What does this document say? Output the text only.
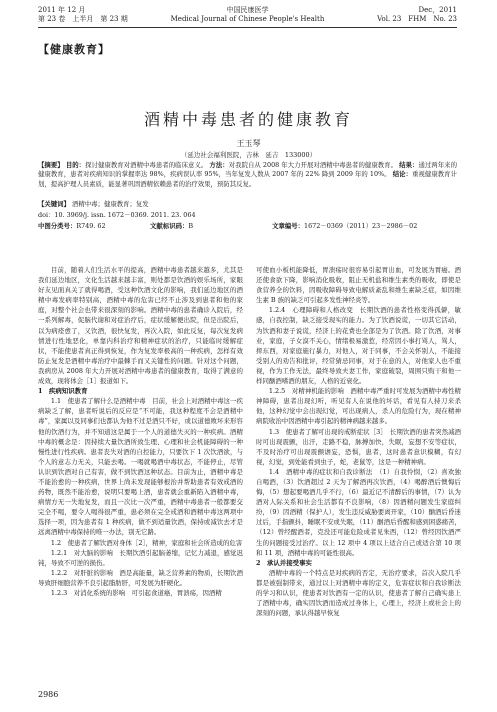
2011 年 12 月
第 23 卷　上半月　第 23 期
中国民康医学
Medical Journal of Chinese People's Health
Dec，2011
Vol. 23　FHM　No. 23
【健康教育】
酒精中毒患者的健康教育
王玉琴
（延边社会福利医院，吉林　延吉　133000）
【摘要】 目的：探讨健康教育对酒精中毒患者的临床意义。 方法：对我院自从 2008 年大力开展对酒精中毒患者的健康教育。 结果：通过两年来的健康教育，患者对疾病知识的掌握率达 98%，疾病误认率 95%，当年复发人数从 2007 年的 22% 降到 2009 年的 10%。 结论：重视健康教育计划，提高护理人员素质，能显著巩固酒精依赖患者的治疗效果，预防其反复。
【关键词】 酒精中毒；健康教育；复发
doi：10. 3969/j. issn. 1672－0369. 2011. 23. 064
中图分类号：R749. 62	文献标识码：B	文章编号：1672－0369（2011）23－2986－02

目前，随着人们生活水平的提高，酒精中毒患者越来越多，尤其是我们延边地区，文化生活越来越丰富，则处都是饮酒的娱乐场所，家眼好友见面真关了就得喝酒，受这种饮酒文化的影响，我们延边地区的酒精中毒发病率特别高，酒精中毒的危害已经不止涉及到患者和他的家庭，对整个社会也带来很深刻的影响。酒精中毒的患者确诊入院后，经一系列解毒，促脑代谢和对症治疗后，症状缓解便出院，但是出院后，以为病痊愈了，又饮酒，很快复发，再次入院，如此反复，每次复发病情进行性地恶化，单靠内科治疗和精神症状的治疗，只能临时缓解症状，不能使患者真正得到恢复，作为复发率极高的一种疾病，怎样有效防止复发是酒精中毒治疗中最棘手而又关键性的问题。针对这个问题，我病房从 2008 年大力开展对酒精中毒患者的健康教育，取得了满意的成效，现将体会［1］报道如下。

1　疾病知识教育

1.1　使患者了解什么是酒精中毒　目前，社会上对酒精中毒这一疾病缺乏了解，患者听说后的反应是“不可能，我这种程度不会是酒精中毒”，家属以及同事们也都认为他不过是酒只不好，或以道德败坏来形容他的饮酒行为，并不知道这是属于一个人的道德失灭的一种疾病。酒精中毒的概念是：因持续大量饮酒所致生理、心理和社会机能障碍的一种慢性进行性疾病。患者丧失对酒的自控能力，只要饮下 1 次饮酒欲，与个人的意志力无关，只能去喝。一喝就喝酒中毒状态，不能停止，尽管认识到饮酒对自己有害，做不到饮酒这种状态。目前为止，酒精中毒是不能治愈的一种疾病，世界上尚未发现能够根治并帮助患者有效戒酒的药物，既然不能治愈，说明只要喝上酒，患者就会重新陷入酒精中毒，病情方无一失地复发，而且一次比一次严重，酒精中毒患者一般都要交完全不喝，要令人喝得很严重，患必须在完全戒酒和酒精中毒这两项中选择一项，因为患者有 1 种疾病，做不到适量饮酒，保持或减饮去才是远离酒精中毒保持的唯一办法，别无它路。

1.2　使患者了解饮酒对身体［2］，精神，家庭和社会所造成的危害

1.2.1　对大脑的影响　长期饮酒引起脑萎缩，记忆力减退，感觉迟钝，导致不可逆的损伤。

1.2.2　对肝脏的影响　酒是高能量，缺乏营养素的物质，长期饮酒导致肝细胞营养不良引起脂肪肝，可发展为肝硬化。

1.2.3　对消化系统的影响　可引起食道癌，胃溃疡，因酒精

可使血小板机能降低，胃溃疡时很容易引起胃出血，可发展为胃癌。酒还使食欲下降，影响消化吸收，阻止无机盐和维生素类的吸收，即使是食营养全的饮料，因吸收障碍导致电解质紊乱和维生素缺乏症，如因维生素 B 族的缺乏可引起多发性神经炎等。

1.2.4　心理障碍和人格改变　长期饮酒的患者性格变得孤僻，敏感，自我控制，缺乏接受现实的能力。为了饮酒说谎，一切其它活动，为饮酒和妻子说谎，经济上的花费也全部是为了饮酒。除了饮酒，对事业，家庭，子女漠不关心，情绪极易激惹，经常因小事打骂人，骂人，摔东西，对家庭施行暴力，对他人，对于同事，不会关怀别人，不能接受别人的劝告和批评，经常猜忌同事，对于在意的人，对他家人也不重视，作为工作无法，最终导致夫妻工作，家庭破裂，周围只购干和他一样同酗酒嗜酒的朋友，人格的近衰化。

1.2.5　对精神机能的影响　酒精中毒严重时可发展为酒精中毒性精神障碍，患者出现幻听，听见有人在说他的坏话，看见有人持刀来杀他，这种幻觉中会出现幻觉，可出现病人，杀人的危险行为，现在精神病院收治中因酒精中毒引起的精神病越来越多。

1.3　使患者了解可出现的戒断症状［3］　长期饮酒的患者突然减酒时可出现震颤，出汗，走路不稳，脉搏加快，失眠，妄想不安等症状，不及时治疗可出现震颤谵妄，恐惧，患者，这时患者意识模糊，有幻视，幻觉，到处能看到虫子，蛇，老鼠等，这是一种精神病。

1.4　酒精中毒的症状和自我诊断法　（1）自我怜悯，（2）喜欢独自喝酒，（3）饮酒超过 2 天为了解酒再次饮酒，（4）喝醉酒后懊悔后悔，（5）想起要喝酒几乎不行，（6）最近记不清醉后的事情，（7）认为酒对人际关系和社会生活都有不良影响，（8）因酒精问题发生家庭纠纷，（9）因酒精（保护人），发生违反威胁要离开家，（10）酗酒后昏迷过后，手指颤抖，睡眠不安或失眠，（11）酗酒后昏醒和感到困惑痛苦，（12）曾经醒酒者，克没还可能危险成者见朱西，（12）曾经因饮酒严生的问题接受过治疗。以上 12 项中 4 项以上适合自己或适合第 10 项和 11 项，酒精中毒的可能性很高。

2　承认并接受事实

酒精中毒的一个特点是对疾病的否定，无治疗要求，首次入院几乎都是被强制带来，通过以上对酒精中毒的定义，危害症状和自我诊断法的学习和认识，使患者对饮酒有一定的认识，使患者了解自己确实患上了酒精中毒，确实因饮酒而造成过身体上，心理上，经济上或社会上的深刻的问题，承认得越早恢复

2986
